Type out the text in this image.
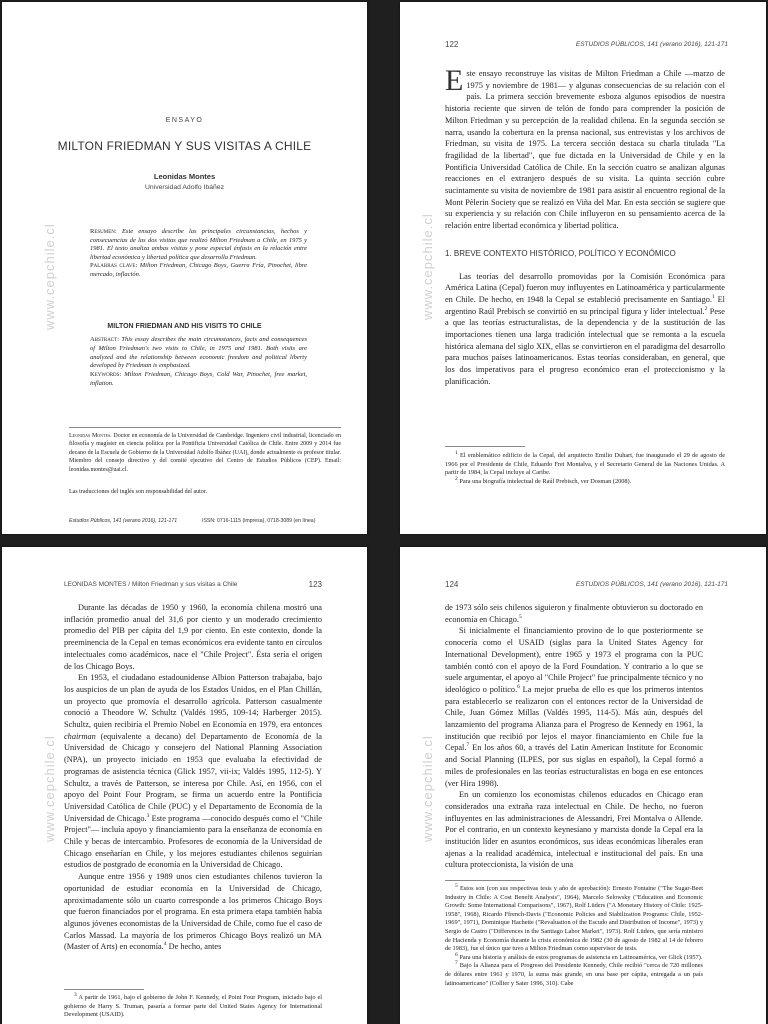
www.cepchile.cl
ENSAYO
MILTON FRIEDMAN Y SUS VISITAS A CHILE
Leonidas Montes
Universidad Adolfo Ibáñez
Resumen: Este ensayo describe las principales circunstancias, hechos y consecuencias de las dos visitas que realizó Milton Friedman a Chile, en 1975 y 1981. El texto analiza ambas visitas y pone especial énfasis en la relación entre libertad económica y libertad política que desarrolla Friedman.
Palabras clave: Milton Friedman, Chicago Boys, Guerra Fría, Pinochet, libre mercado, inflación.
MILTON FRIEDMAN AND HIS VISITS TO CHILE
Abstract: This essay describes the main circumstances, facts and consequences of Milton Friedman's two visits to Chile, in 1975 and 1981. Both visits are analyzed and the relationship between economic freedom and political liberty developed by Friedman is emphasized.
Keywords: Milton Friedman, Chicago Boys, Cold War, Pinochet, free market, inflation.
Leonidas Montes. Doctor en economía de la Universidad de Cambridge. Ingeniero civil industrial, licenciado en filosofía y magíster en ciencia política por la Pontificia Universidad Católica de Chile. Entre 2009 y 2014 fue decano de la Escuela de Gobierno de la Universidad Adolfo Ibáñez (UAI), donde actualmente es profesor titular. Miembro del consejo directivo y del comité ejecutivo del Centro de Estudios Públicos (CEP). Email: leonidas.montes@uai.cl.
Las traducciones del inglés son responsabilidad del autor.
Estudios Públicos, 141 (verano 2016), 121-171	ISSN: 0716-1115 (impresa), 0718-3089 (en línea)
www.cepchile.cl
122	ESTUDIOS PÚBLICOS, 141 (verano 2016), 121-171

Este ensayo reconstruye las visitas de Milton Friedman a Chile —marzo de 1975 y noviembre de 1981— y algunas consecuencias de su relación con el país. La primera sección brevemente esboza algunos episodios de nuestra historia reciente que sirven de telón de fondo para comprender la posición de Milton Friedman y su percepción de la realidad chilena. En la segunda sección se narra, usando la cobertura en la prensa nacional, sus entrevistas y los archivos de Friedman, su visita de 1975. La tercera sección destaca su charla titulada "La fragilidad de la libertad", que fue dictada en la Universidad de Chile y en la Pontificia Universidad Católica de Chile. En la sección cuatro se analizan algunas reacciones en el extranjero después de su visita. La quinta sección cubre sucintamente su visita de noviembre de 1981 para asistir al encuentro regional de la Mont Pèlerin Society que se realizó en Viña del Mar. En esta sección se sugiere que su experiencia y su relación con Chile influyeron en su pensamiento acerca de la relación entre libertad económica y libertad política.

1. BREVE CONTEXTO HISTÓRICO, POLÍTICO Y ECONÓMICO

Las teorías del desarrollo promovidas por la Comisión Económica para América Latina (Cepal) fueron muy influyentes en Latinoamérica y particularmente en Chile. De hecho, en 1948 la Cepal se estableció precisamente en Santiago.$^1$ El argentino Raúl Prebisch se convirtió en su principal figura y líder intelectual.$^2$ Pese a que las teorías estructuralistas, de la dependencia y de la sustitución de las importaciones tienen una larga tradición intelectual que se remonta a la escuela histórica alemana del siglo XIX, ellas se convirtieron en el paradigma del desarrollo para muchos países latinoamericanos. Estas teorías consideraban, en general, que los dos imperativos para el progreso económico eran el proteccionismo y la planificación.

$^1$ El emblemático edificio de la Cepal, del arquitecto Emilio Duhart, fue inaugurado el 29 de agosto de 1966 por el Presidente de Chile, Eduardo Frei Montalva, y el Secretario General de las Naciones Unidas. A partir de 1984, la Cepal incluye al Caribe.

$^2$ Para una biografía intelectual de Raúl Prebisch, ver Dosman (2008).

www.cepchile.cl
LEONIDAS MONTES / Milton Friedman y sus visitas a Chile	123

Durante las décadas de 1950 y 1960, la economía chilena mostró una inflación promedio anual del 31,6 por ciento y un moderado crecimiento promedio del PIB per cápita del 1,9 por ciento. En este contexto, donde la preeminencia de la Cepal en temas económicos era evidente tanto en círculos intelectuales como académicos, nace el "Chile Project". Ésta sería el origen de los Chicago Boys.

En 1953, el ciudadano estadounidense Albion Patterson trabajaba, bajo los auspicios de un plan de ayuda de los Estados Unidos, en el Plan Chillán, un proyecto que promovía el desarrollo agrícola. Patterson casualmente conoció a Theodore W. Schultz (Valdés 1995, 109-14; Harberger 2015). Schultz, quien recibiría el Premio Nobel en Economía en 1979, era entonces chairman (equivalente a decano) del Departamento de Economía de la Universidad de Chicago y consejero del National Planning Association (NPA), un proyecto iniciado en 1953 que evaluaba la efectividad de programas de asistencia técnica (Glick 1957, vii-ix; Valdés 1995, 112-5). Y Schultz, a través de Patterson, se interesa por Chile. Así, en 1956, con el apoyo del Point Four Program, se firma un acuerdo entre la Pontificia Universidad Católica de Chile (PUC) y el Departamento de Economía de la Universidad de Chicago.$^3$ Este programa —conocido después como el "Chile Project"— incluía apoyo y financiamiento para la enseñanza de economía en Chile y becas de intercambio. Profesores de economía de la Universidad de Chicago enseñarían en Chile, y los mejores estudiantes chilenos seguirían estudios de postgrado de economía en la Universidad de Chicago.

Aunque entre 1956 y 1989 unos cien estudiantes chilenos tuvieron la oportunidad de estudiar economía en la Universidad de Chicago, aproximadamente sólo un cuarto corresponde a los primeros Chicago Boys que fueron financiados por el programa. En esta primera etapa también había algunos jóvenes economistas de la Universidad de Chile, como fue el caso de Carlos Massad. La mayoría de los primeros Chicago Boys realizó un MA (Master of Arts) en economía.$^4$ De hecho, antes

$^3$ A partir de 1961, bajo el gobierno de John F. Kennedy, el Point Four Program, iniciado bajo el gobierno de Harry S. Truman, pasaría a formar parte del United States Agency for International Development (USAID).

www.cepchile.cl
124	ESTUDIOS PÚBLICOS, 141 (verano 2016), 121-171

de 1973 sólo seis chilenos siguieron y finalmente obtuvieron su doctorado en economía en Chicago.$^5$

Si inicialmente el financiamiento provino de lo que posteriormente se conocería como el USAID (siglas para la United States Agency for International Development), entre 1965 y 1973 el programa con la PUC también contó con el apoyo de la Ford Foundation. Y contrario a lo que se suele argumentar, el apoyo al "Chile Project" fue principalmente técnico y no ideológico o político.$^6$ La mejor prueba de ello es que los primeros intentos para establecerlo se realizaron con el entonces rector de la Universidad de Chile, Juan Gómez Millas (Valdés 1995, 114-5). Más aún, después del lanzamiento del programa Alianza para el Progreso de Kennedy en 1961, la institución que recibió por lejos el mayor financiamiento en Chile fue la Cepal.$^7$ En los años 60, a través del Latin American Institute for Economic and Social Planning (ILPES, por sus siglas en español), la Cepal formó a miles de profesionales en las teorías estructuralistas en boga en ese entonces (ver Hira 1998).

En un comienzo los economistas chilenos educados en Chicago eran considerados una extraña raza intelectual en Chile. De hecho, no fueron influyentes en las administraciones de Alessandri, Frei Montalva o Allende. Por el contrario, en un contexto keynesiano y marxista donde la Cepal era la institución líder en asuntos económicos, sus ideas económicas liberales eran ajenas a la realidad académica, intelectual e institucional del país. En una cultura proteccionista, la visión de una

$^5$ Estos son (con sus respectivas tesis y año de aprobación): Ernesto Fontaine ("The Sugar-Beet Industry in Chile: A Cost Benefit Analysis", 1964), Marcelo Selowsky ("Education and Economic Growth: Some International Comparisons", 1967), Rolf Lüders ("A Monetary History of Chile: 1925-1958", 1968), Ricardo Ffrench-Davis ("Economic Policies and Stabilization Programs: Chile, 1952-1969", 1971), Dominique Hachette ("Revaluation of the Escudo and Distribution of Income", 1973) y Sergio de Castro ("Differences in the Santiago Labor Market", 1973). Rolf Lüders, que sería ministro de Hacienda y Economía durante la crisis económica de 1982 (30 de agosto de 1982 al 14 de febrero de 1983), fue el único que tuvo a Milton Friedman como supervisor de tesis.

$^6$ Para una historia y análisis de estos programas de asistencia en Latinoamérica, ver Glick (1957).

$^7$ Bajo la Alianza para el Progreso del Presidente Kennedy, Chile recibió "cerca de 720 millones de dólares entre 1961 y 1970, la suma más grande, en una base per cápita, entregada a un país latinoamericano" (Collier y Sater 1996, 310). Cabe
